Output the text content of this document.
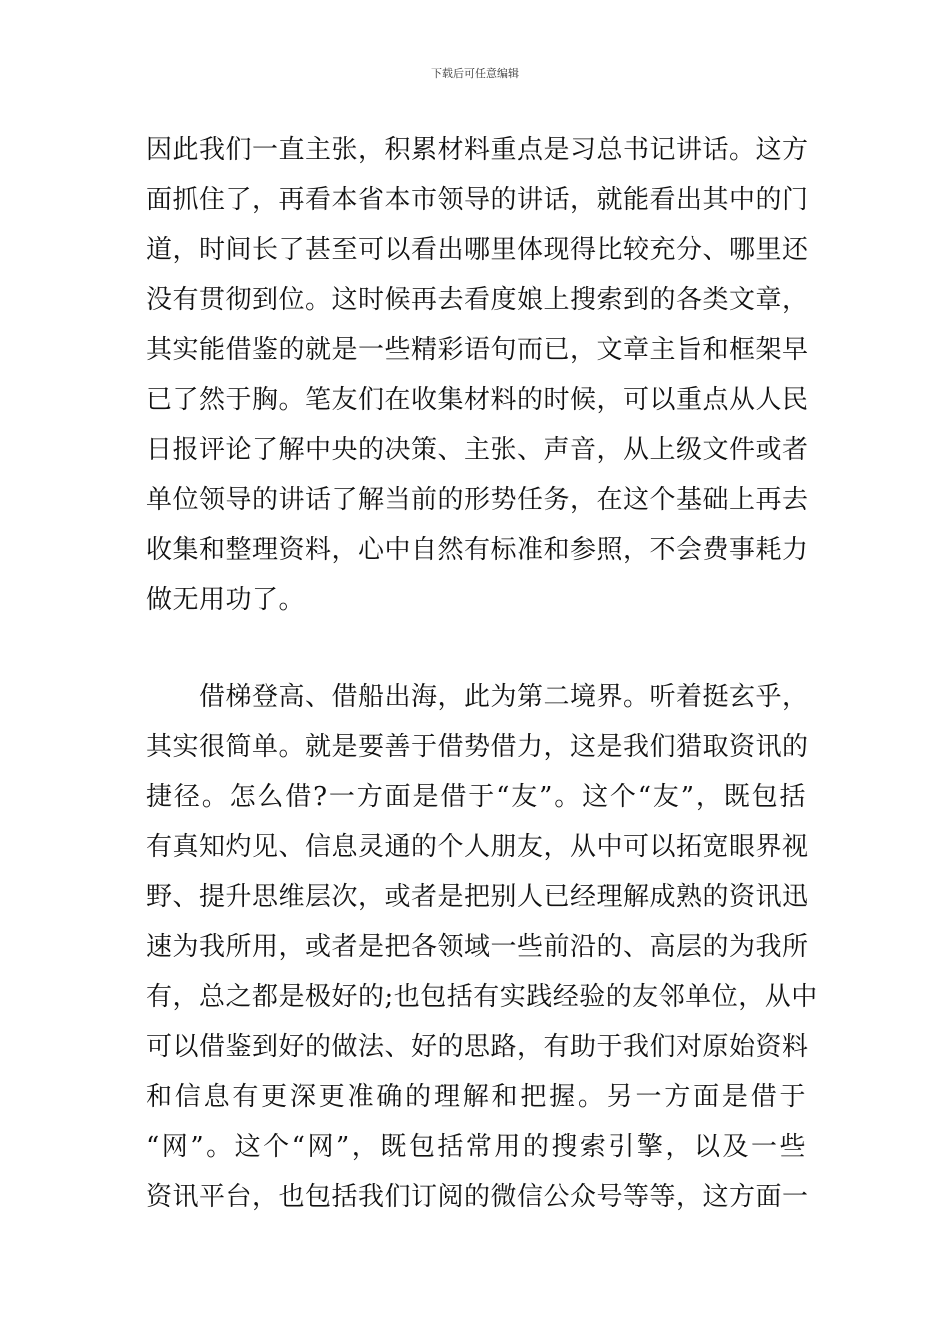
下载后可任意编辑
因此我们一直主张，积累材料重点是习总书记讲话。这方
面抓住了，再看本省本市领导的讲话，就能看出其中的门
道，时间长了甚至可以看出哪里体现得比较充分、哪里还
没有贯彻到位。这时候再去看度娘上搜索到的各类文章，
其实能借鉴的就是一些精彩语句而已，文章主旨和框架早
已了然于胸。笔友们在收集材料的时候，可以重点从人民
日报评论了解中央的决策、主张、声音，从上级文件或者
单位领导的讲话了解当前的形势任务，在这个基础上再去
收集和整理资料，心中自然有标准和参照，不会费事耗力
做无用功了。
　　借梯登高、借船出海，此为第二境界。听着挺玄乎，
其实很简单。就是要善于借势借力，这是我们猎取资讯的
捷径。怎么借?一方面是借于“友”。这个“友”，既包括
有真知灼见、信息灵通的个人朋友，从中可以拓宽眼界视
野、提升思维层次，或者是把别人已经理解成熟的资讯迅
速为我所用，或者是把各领域一些前沿的、高层的为我所
有，总之都是极好的;也包括有实践经验的友邻单位，从中
可以借鉴到好的做法、好的思路，有助于我们对原始资料
和信息有更深更准确的理解和把握。另一方面是借于
“网”。这个“网”，既包括常用的搜索引擎，以及一些
资讯平台，也包括我们订阅的微信公众号等等，这方面一
